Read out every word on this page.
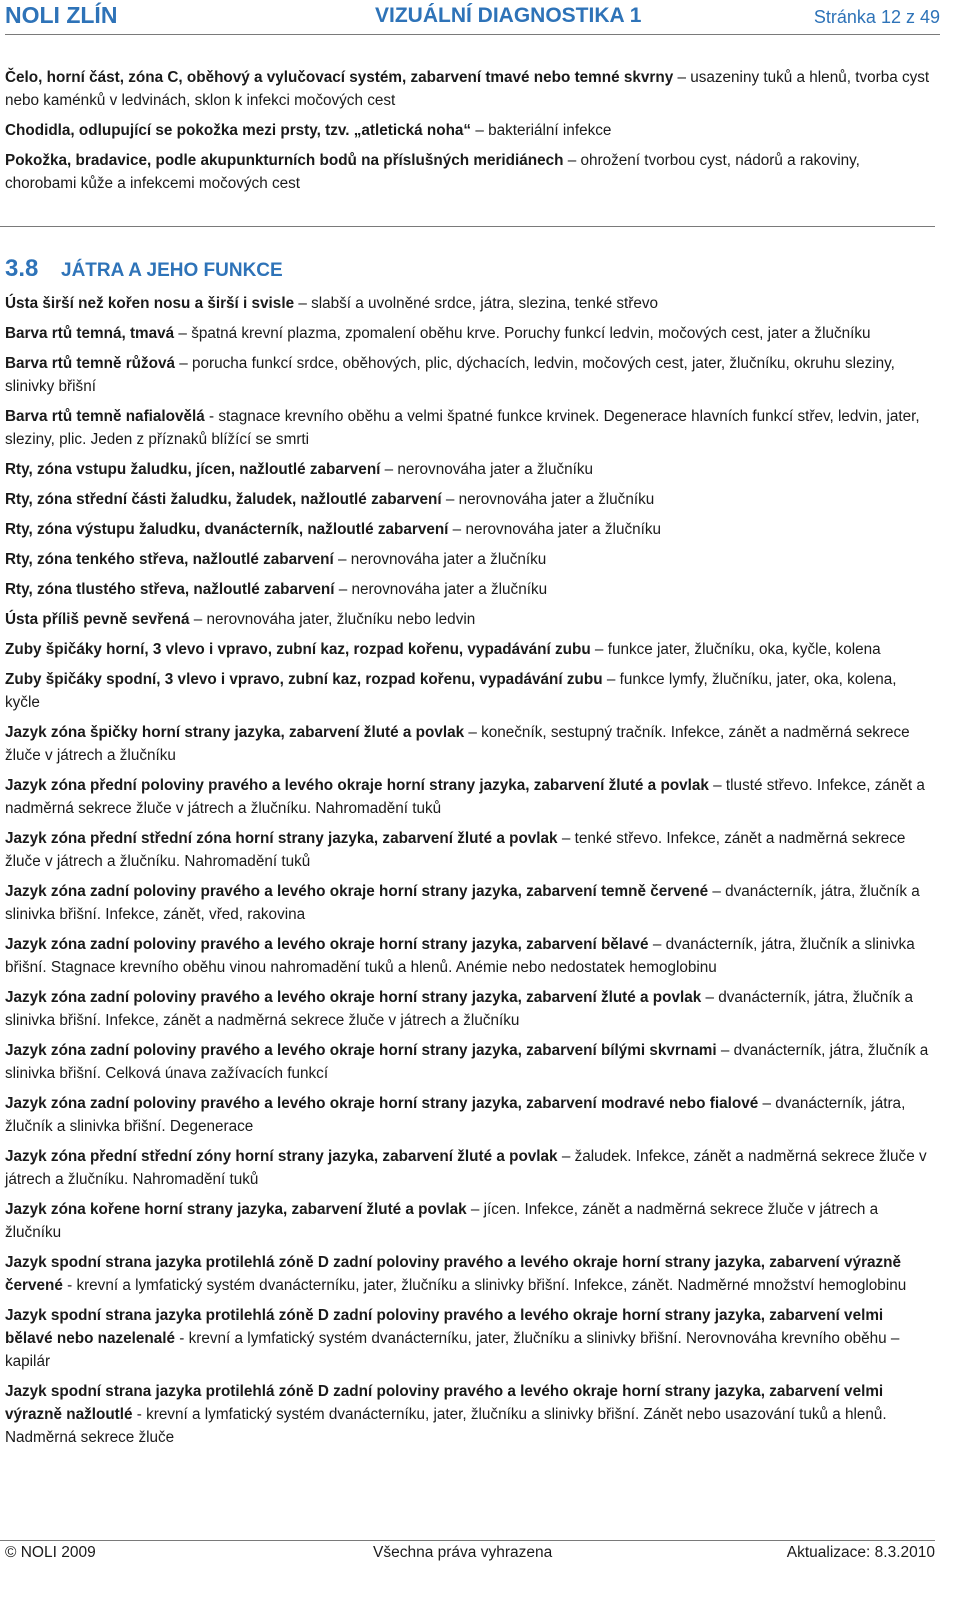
NOLI ZLÍN	VIZUÁLNÍ DIAGNOSTIKA 1	Stránka 12 z 49

Čelo, horní část, zóna C, oběhový a vylučovací systém, zabarvení tmavé nebo temné skvrny – usazeniny tuků a hlenů, tvorba cyst nebo kaménků v ledvinách, sklon k infekci močových cest

Chodidla, odlupující se pokožka mezi prsty, tzv. „atletická noha“ – bakteriální infekce

Pokožka, bradavice, podle akupunkturních bodů na příslušných meridiánech – ohrožení tvorbou cyst, nádorů a rakoviny, chorobami kůže a infekcemi močových cest

3.8 JÁTRA A JEHO FUNKCE

Ústa širší než kořen nosu a širší i svisle – slabší a uvolněné srdce, játra, slezina, tenké střevo

Barva rtů temná, tmavá – špatná krevní plazma, zpomalení oběhu krve. Poruchy funkcí ledvin, močových cest, jater a žlučníku

Barva rtů temně růžová – porucha funkcí srdce, oběhových, plic, dýchacích, ledvin, močových cest, jater, žlučníku, okruhu sleziny, slinivky břišní

Barva rtů temně nafialovělá - stagnace krevního oběhu a velmi špatné funkce krvinek. Degenerace hlavních funkcí střev, ledvin, jater, sleziny, plic. Jeden z příznaků blížící se smrti

Rty, zóna vstupu žaludku, jícen, nažloutlé zabarvení – nerovnováha jater a žlučníku

Rty, zóna střední části žaludku, žaludek, nažloutlé zabarvení – nerovnováha jater a žlučníku

Rty, zóna výstupu žaludku, dvanácterník, nažloutlé zabarvení – nerovnováha jater a žlučníku

Rty, zóna tenkého střeva, nažloutlé zabarvení – nerovnováha jater a žlučníku

Rty, zóna tlustého střeva, nažloutlé zabarvení – nerovnováha jater a žlučníku

Ústa příliš pevně sevřená – nerovnováha jater, žlučníku nebo ledvin

Zuby špičáky horní, 3 vlevo i vpravo, zubní kaz, rozpad kořenu, vypadávání zubu – funkce jater, žlučníku, oka, kyčle, kolena

Zuby špičáky spodní, 3 vlevo i vpravo, zubní kaz, rozpad kořenu, vypadávání zubu – funkce lymfy, žlučníku, jater, oka, kolena, kyčle

Jazyk zóna špičky horní strany jazyka, zabarvení žluté a povlak – konečník, sestupný tračník. Infekce, zánět a nadměrná sekrece žluče v játrech a žlučníku

Jazyk zóna přední poloviny pravého a levého okraje horní strany jazyka, zabarvení žluté a povlak – tlusté střevo. Infekce, zánět a nadměrná sekrece žluče v játrech a žlučníku. Nahromadění tuků

Jazyk zóna přední střední zóna horní strany jazyka, zabarvení žluté a povlak – tenké střevo. Infekce, zánět a nadměrná sekrece žluče v játrech a žlučníku. Nahromadění tuků

Jazyk zóna zadní poloviny pravého a levého okraje horní strany jazyka, zabarvení temně červené – dvanácterník, játra, žlučník a slinivka břišní. Infekce, zánět, vřed, rakovina

Jazyk zóna zadní poloviny pravého a levého okraje horní strany jazyka, zabarvení bělavé – dvanácterník, játra, žlučník a slinivka břišní. Stagnace krevního oběhu vinou nahromadění tuků a hlenů. Anémie nebo nedostatek hemoglobinu

Jazyk zóna zadní poloviny pravého a levého okraje horní strany jazyka, zabarvení žluté a povlak – dvanácterník, játra, žlučník a slinivka břišní. Infekce, zánět a nadměrná sekrece žluče v játrech a žlučníku

Jazyk zóna zadní poloviny pravého a levého okraje horní strany jazyka, zabarvení bílými skvrnami – dvanácterník, játra, žlučník a slinivka břišní. Celková únava zažívacích funkcí

Jazyk zóna zadní poloviny pravého a levého okraje horní strany jazyka, zabarvení modravé nebo fialové – dvanácterník, játra, žlučník a slinivka břišní. Degenerace

Jazyk zóna přední střední zóny horní strany jazyka, zabarvení žluté a povlak – žaludek. Infekce, zánět a nadměrná sekrece žluče v játrech a žlučníku. Nahromadění tuků

Jazyk zóna kořene horní strany jazyka, zabarvení žluté a povlak – jícen. Infekce, zánět a nadměrná sekrece žluče v játrech a žlučníku

Jazyk spodní strana jazyka protilehlá zóně D zadní poloviny pravého a levého okraje horní strany jazyka, zabarvení výrazně červené - krevní a lymfatický systém dvanácterníku, jater, žlučníku a slinivky břišní. Infekce, zánět. Nadměrné množství hemoglobinu

Jazyk spodní strana jazyka protilehlá zóně D zadní poloviny pravého a levého okraje horní strany jazyka, zabarvení velmi bělavé nebo nazelenalé - krevní a lymfatický systém dvanácterníku, jater, žlučníku a slinivky břišní. Nerovnováha krevního oběhu – kapilár

Jazyk spodní strana jazyka protilehlá zóně D zadní poloviny pravého a levého okraje horní strany jazyka, zabarvení velmi výrazně nažloutlé - krevní a lymfatický systém dvanácterníku, jater, žlučníku a slinivky břišní. Zánět nebo usazování tuků a hlenů. Nadměrná sekrece žluče

© NOLI 2009	Všechna práva vyhrazena	Aktualizace: 8.3.2010
